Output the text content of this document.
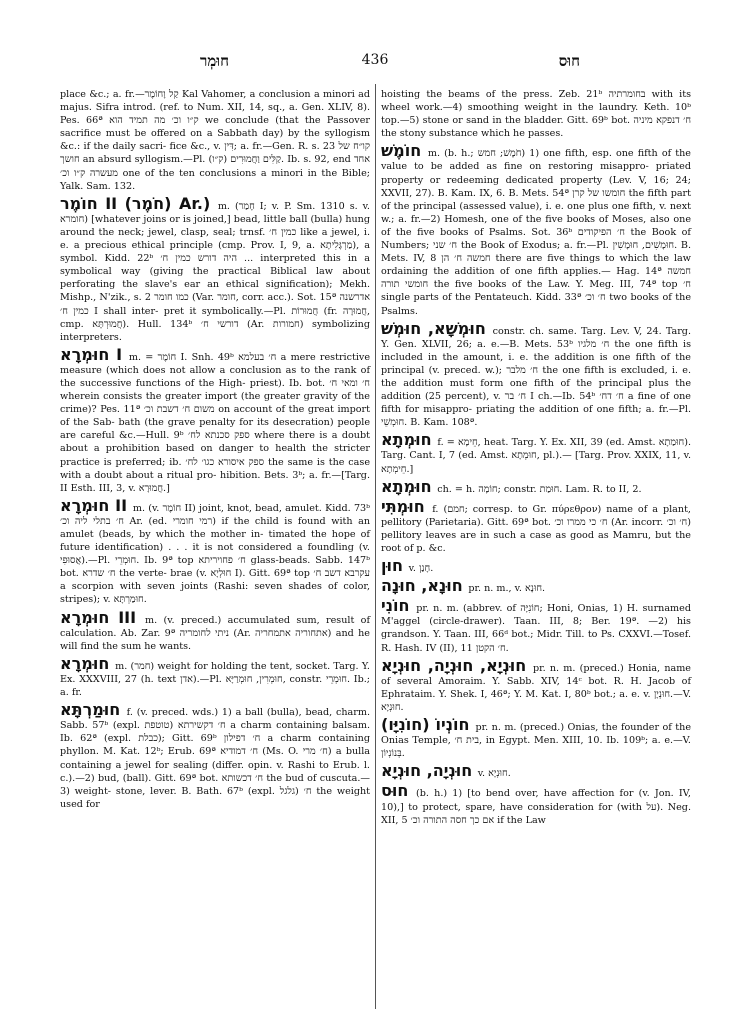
חוּמְר	436	חוּס
place &c.; a. fr.—קַל וָחוֹמֶר Kal Vahomer, a conclusion a minori ad majus. Sifra introd. (ref. to Num. XII, 14, sq., a. Gen. XLIV, 8). Pes. 66ª ק״ו וכ׳ מה תמיד הוא we conclude (that the Passover sacrifice must be offered on a Sabbath day) by the syllogism &c.: if the daily sacri- fice &c., v. דִּין; a. fr.—Gen. R. s. 23 קו״ח של חושך an absurd syllogism.—Pl. קַלִּים וַחֲמוּרִים (ק״ו). Ib. s. 92, end אחד מעשרה ק״ו וכ׳ one of the ten conclusions a minori in the Bible; Yalk. Sam. 132.
חוֹמֶר II (חֹמֶר) Ar.) m. (חָמַר I; v. P. Sm. 1310 s. v. חומרא) [whatever joins or is joined,] bead, little ball (bulla) hung around the neck; jewel, clasp, seal; trnsf. כמין ח׳ like a jewel, i. e. a precious ethical principle (cmp. Prov. I, 9, a. מַרְגָּלִיתָא), a symbol. Kidd. 22ᵇ היה דורש כמין ח׳ ... interpreted this in a symbolical way (giving the practical Biblical law about perforating the slave's ear an ethical signification); Mekh. Mishp., N'zik., s. 2 כמו חומר (Var. חומר, corr. acc.). Sot. 15ª אדרשנה כמין ח׳ I shall inter- pret it symbolically.—Pl. חֲמוּרוֹת (fr. חֲמוּרָה, cmp. חֲמוּרְתָּא). Hull. 134ᵇ דורשי ח׳ (Ar. חמורות) symbolizing interpreters.
חוּמְרָא I m. = חוֹמֶר I. Snh. 49ᵇ ח׳ בעלמא a mere restrictive measure (which does not allow a conclusion as to the rank of the successive functions of the High- priest). Ib. bot. ח׳ ומאי ח׳ wherein consists the greater import (the greater gravity of the crime)? Pes. 11ª משום ח׳ דשבת וכ׳ on account of the great import of the Sab- bath (the grave penalty for its desecration) people are careful &c.—Hull. 9ᵇ ספק סכנתא לח׳ where there is a doubt about a prohibition based on danger to health the stricter practice is preferred; ib. ספק איסורא כגו׳ לח׳ the same is the case with a doubt about a ritual pro- hibition. Bets. 3ᵇ; a. fr.—[Targ. II Esth. III, 3, v. חֲמוּרָא.]
חוּמְרָא II m. (v. חוֹמֶר II) joint, knot, bead, amulet. Kidd. 73ᵇ ח׳ בתלי ליה וכ׳ Ar. (ed. רמי חומרי) if the child is found with an amulet (beads, by which the mother in- timated the hope of future identification) . . . it is not considered a foundling (v. אֲסוּפִי).—Pl. חוּמְרֵי. Ib. 9ª top ח׳ פחויריתא glass-beads. Sabb. 147ᵇ bot. ח׳ שדרא the verte- brae (v. חוּלְיָא I). Gitt. 69ª top עקרבא דשב ח׳ a scorpion with seven joints (Rashi: seven shades of color, stripes); v. חוּמַרְתָּא.
חוּמְרָא III m. (v. preced.) accumulated sum, result of calculation. Ab. Zar. 9ª ניתי לחומריה (Ar. אתחוריה אתמחריה) and he will find the sum he wants.
חוּמְרָא m. (חמר) weight for holding the tent, socket. Targ. Y. Ex. XXXVIII, 27 (h. text אדן).—Pl. חוּמְרִין, חוּמְרַיָּא, constr. חוּמְרֵי. Ib.; a. fr.
חוּמַרְתָּא f. (v. preced. wds.) 1) a ball (bulla), bead, charm. Sabb. 57ᵇ (expl. טוטפת) ח׳ דקשירתא a charm containing balsam. Ib. 62ª (expl. כבלת); Gitt. 69ᵇ ח׳ דפילון a charm containing phyllon. M. Kat. 12ᵇ; Erub. 69ª ח׳ דמודיא (Ms. O. ח׳ מרי) a bulla containing a jewel for sealing (differ. opin. v. Rashi to Erub. l. c.).—2) bud, (ball). Gitt. 69ª bot. ח׳ דכשותא the bud of cuscuta.—3) weight- stone, lever. B. Bath. 67ᵇ (expl. גלגל) ח׳ the weight used for
hoisting the beams of the press. Zeb. 21ᵇ בחומרתיה with its wheel work.—4) smoothing weight in the laundry. Keth. 10ᵇ top.—5) stone or sand in the bladder. Gitt. 69ᵇ bot. ח׳ דנפקא מיניה the stony substance which he passes.
חוֹמֶשׁ m. (b. h.; חֹמֶשׁ; חמש) 1) one fifth, esp. one fifth of the value to be added as fine on restoring misappro- priated property or redeeming dedicated property (Lev. V, 16; 24; XXVII, 27). B. Kam. IX, 6. B. Mets. 54ª חומשו של קרן the fifth part of the principal (assessed value), i. e. one plus one fifth, v. next w.; a. fr.—2) Homesh, one of the five books of Moses, also one of the five books of Psalms. Sot. 36ᵇ ח׳ הפיקודים the Book of Numbers; ח׳ שני the Book of Exodus; a. fr.—Pl. חוּמָשִׁים, חוּמָשִׁין. B. Mets. IV, 8 חמשה ח׳ הן there are five things to which the law ordaining the addition of one fifth applies.— Hag. 14ª חמשה חומשי תורה the five books of the Law. Y. Meg. III, 74ª top ח׳ single parts of the Pentateuch. Kidd. 33ª ח׳ וכ׳ two books of the Psalms.
חוּמְשָׁא, חוּמְשׁ constr. ch. same. Targ. Lev. V, 24. Targ. Y. Gen. XLVII, 26; a. e.—B. Mets. 53ᵇ ח׳ מלגיו the one fifth is included in the amount, i. e. the addition is one fifth of the principal (v. preced. w.); ח׳ מלבר the one fifth is excluded, i. e. the addition must form one fifth of the principal plus the addition (25 percent), v. ח׳ בר I ch.—Ib. 54ᵇ ח׳ דח׳ a fine of one fifth for misappro- priating the addition of one fifth; a. fr.—Pl. חוּמְשֵׁי. B. Kam. 108ª.
חוּמְתָא f. = חֵימָא, heat. Targ. Y. Ex. XII, 39 (ed. Amst. חוּמַתָא). Targ. Cant. I, 7 (ed. Amst. חוּמְתָא, pl.).— [Targ. Prov. XXIX, 11, v. חֵימְתָא.]
חוּמְתָא ch. = h. חוֹמָה; constr. חוּמַת. Lam. R. to II, 2.
חוּמְתִּי f. (חמם; corresp. to Gr. πύρεθρον) name of a plant, pellitory (Parietaria). Gitt. 69ª bot. ח׳ כי ממרו וכ׳ (Ar. incorr. ח׳ וכ׳) pellitory leaves are in such a case as good as Mamru, but the root of p. &c.
חוּן v. חָנַן.
חוּנָא, חוּנָה pr. n. m., v. חוּנָא.
חוֹנִי pr. n. m. (abbrev. of חוֹנִיָּה; Honi, Onias, 1) H. surnamed M'aggel (circle-drawer). Taan. III, 8; Ber. 19ª. —2) his grandson. Y. Taan. III, 66ᵈ bot.; Midr. Till. to Ps. CXXVI.—Tosef. R. Hash. IV (II), 11 ח׳ הקטן.
חוּנְיָא, חוּנְיָה, חוּנְיָא pr. n. m. (preced.) Honia, name of several Amoraim. Y. Sabb. XIV, 14ᶜ bot. R. H. Jacob of Ephrataim. Y. Shek. I, 46ª; Y. M. Kat. I, 80ᵇ bot.; a. e. v. חוּנְיָן.—V. חוּנְיָא.
חוֹנְיוֹ (חוֹנִיָּו) pr. n. m. (preced.) Onias, the founder of the Onias Temple, בית ח׳, in Egypt. Men. XIII, 10. Ib. 109ᵇ; a. e.—V. בְּנוֹנְיוֹן.
חוּנְיָה, חוּנְיָא v. חוּנְיָא.
חוּס (b. h.) 1) [to bend over, have affection for (v. Jon. IV, 10),] to protect, spare, have consideration for (with על). Neg. XII, 5 אם כך חסה התורה וכ׳ if the Law
